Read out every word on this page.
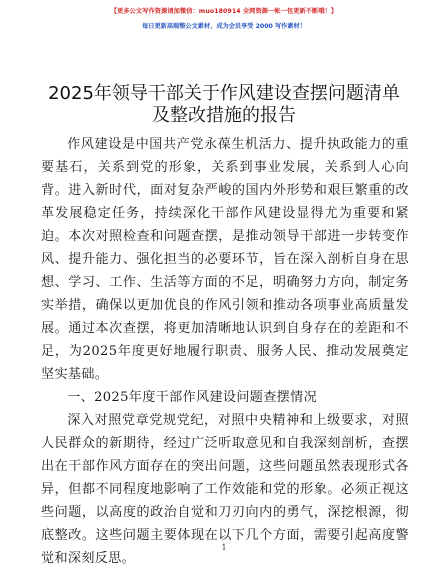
【更多公文写作资源请加微信：muo180914 全网资源一帐一包更新不断哦！】
每日更新高端整公文素材，成为会员享受 2000 写作素材！
2025年领导干部关于作风建设查摆问题清单及整改措施的报告

作风建设是中国共产党永葆生机活力、提升执政能力的重要基石，关系到党的形象，关系到事业发展，关系到人心向背。进入新时代，面对复杂严峻的国内外形势和艰巨繁重的改革发展稳定任务，持续深化干部作风建设显得尤为重要和紧迫。本次对照检查和问题查摆，是推动领导干部进一步转变作风、提升能力、强化担当的必要环节，旨在深入剖析自身在思想、学习、工作、生活等方面的不足，明确努力方向，制定务实举措，确保以更加优良的作风引领和推动各项事业高质量发展。通过本次查摆，将更加清晰地认识到自身存在的差距和不足，为2025年度更好地履行职责、服务人民、推动发展奠定坚实基础。

一、2025年度干部作风建设问题查摆情况

深入对照党章党规党纪，对照中央精神和上级要求，对照人民群众的新期待，经过广泛听取意见和自我深刻剖析，查摆出在干部作风方面存在的突出问题，这些问题虽然表现形式各异，但都不同程度地影响了工作效能和党的形象。必须正视这些问题，以高度的政治自觉和刀刃向内的勇气，深挖根源，彻底整改。这些问题主要体现在以下几个方面，需要引起高度警觉和深刻反思。

1
